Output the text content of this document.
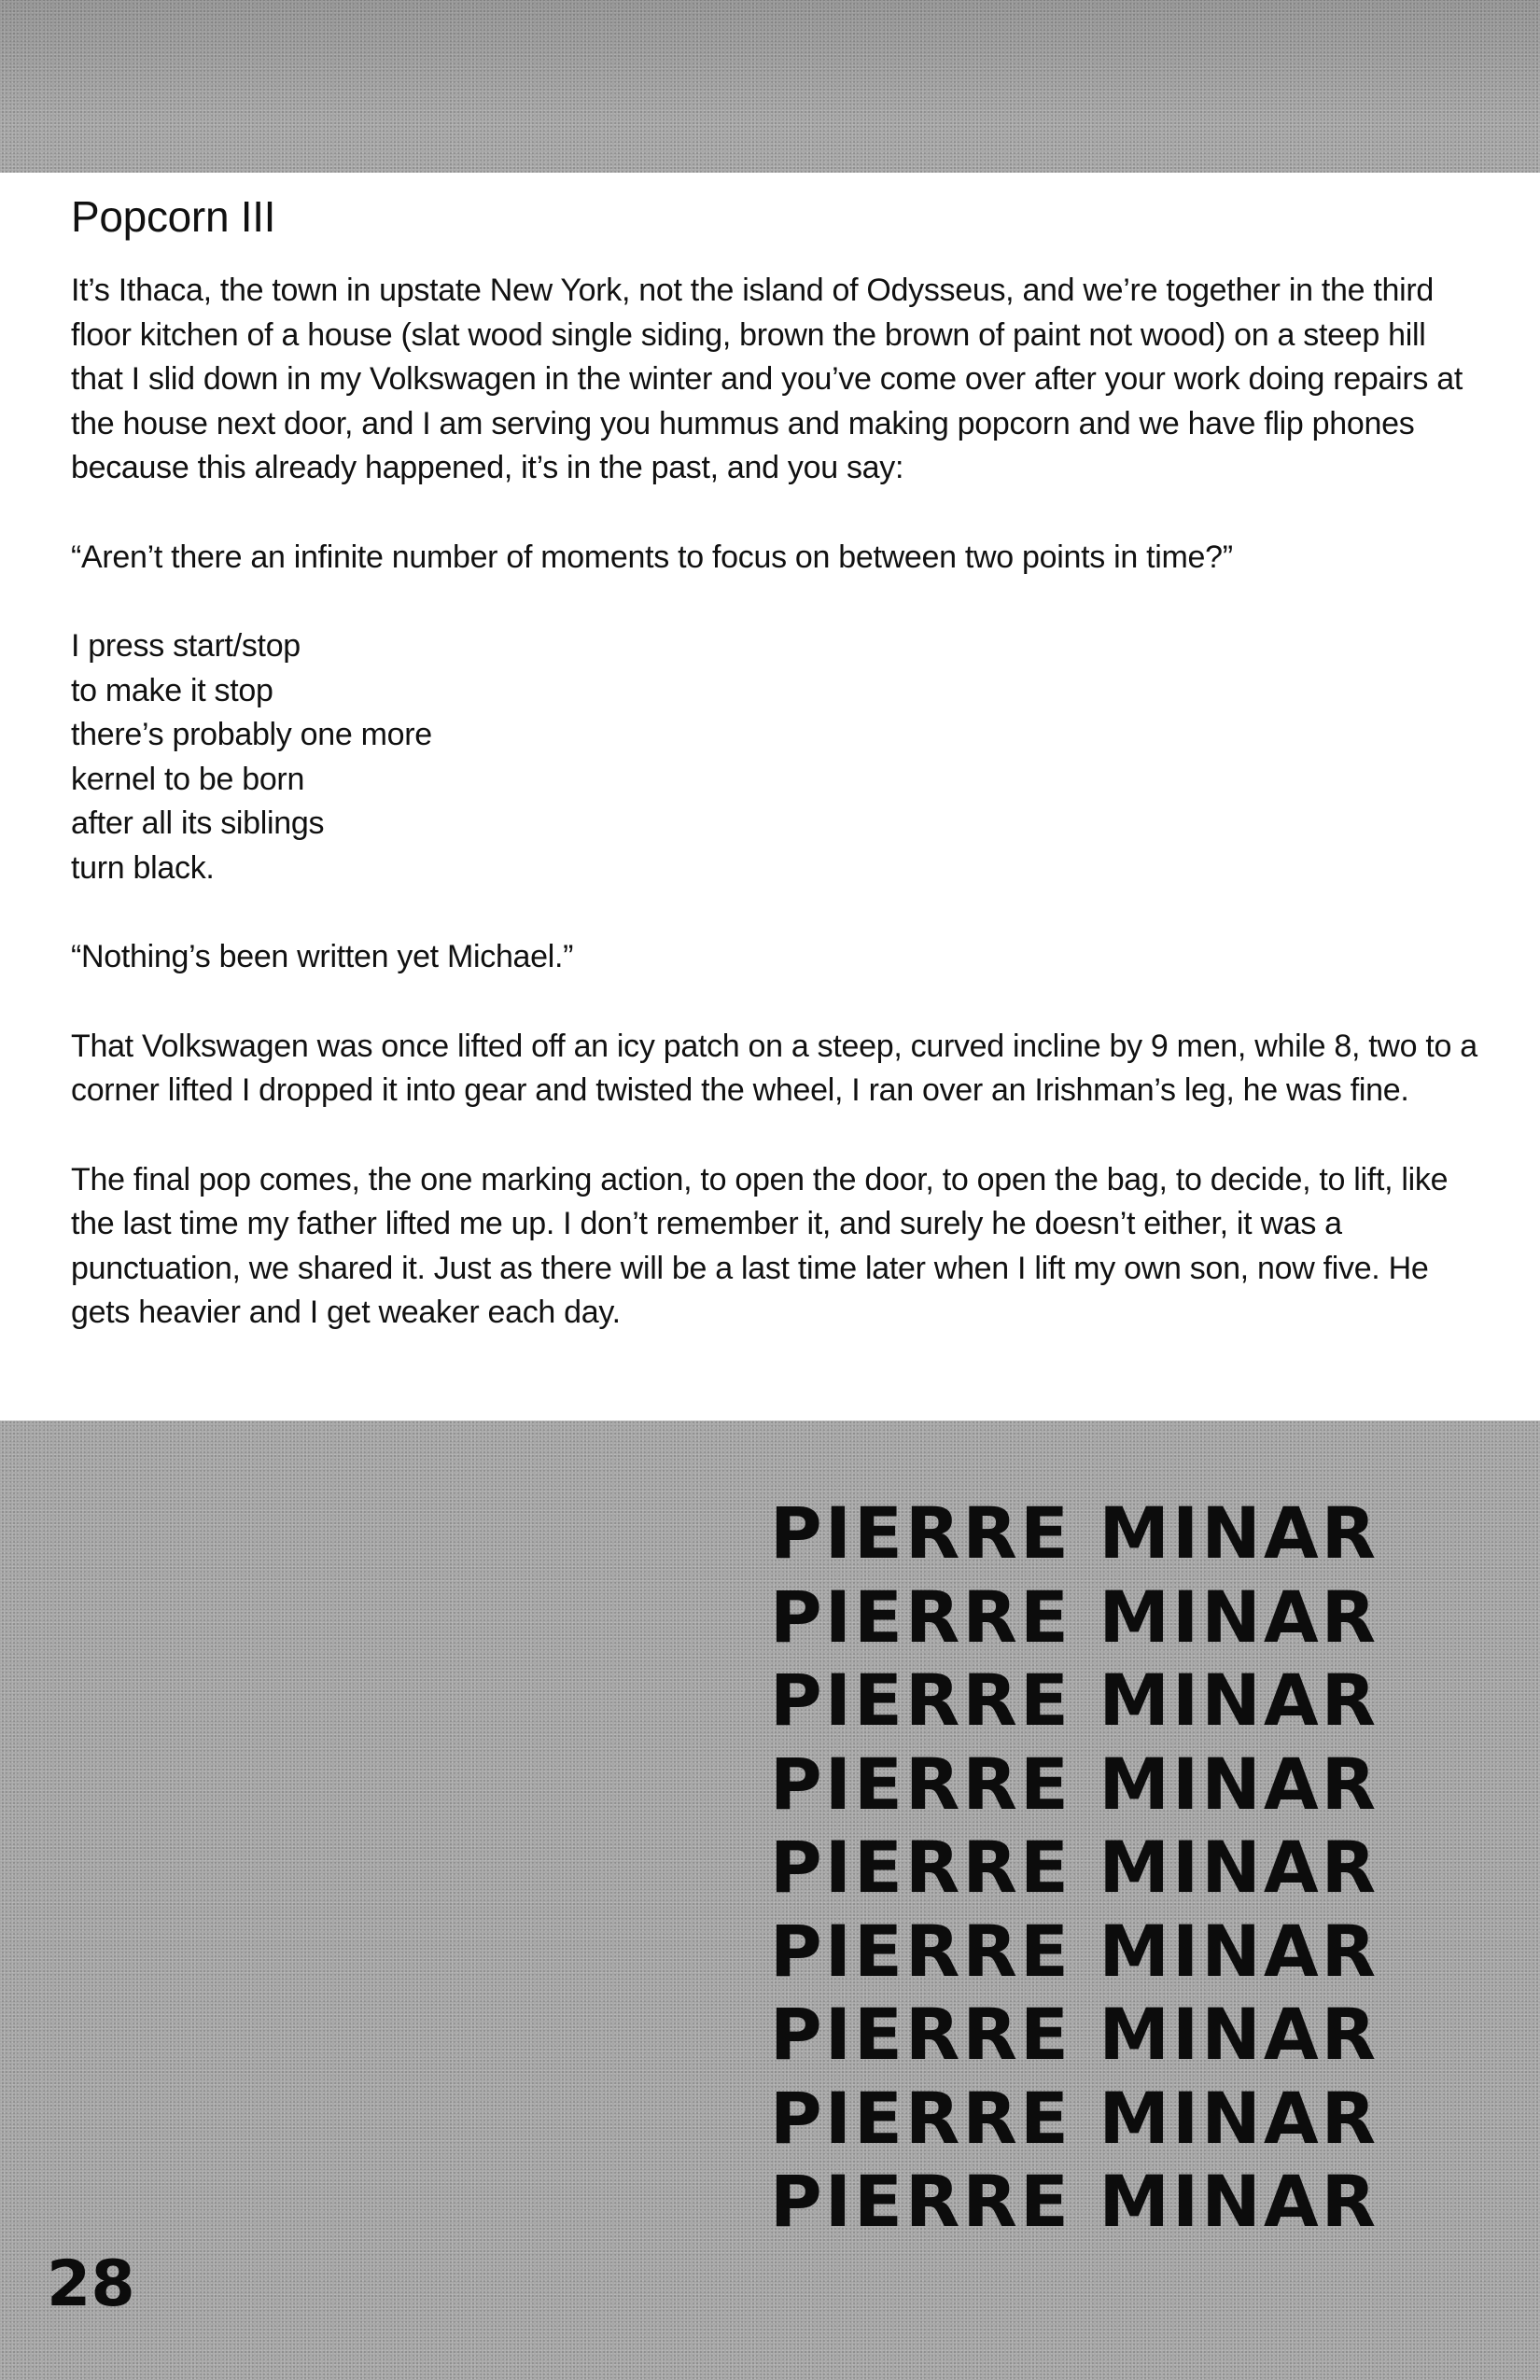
Popcorn III

It’s Ithaca, the town in upstate New York, not the island of Odysseus, and we’re together in the third floor kitchen of a house (slat wood single siding, brown the brown of paint not wood) on a steep hill that I slid down in my Volkswagen in the winter and you’ve come over after your work doing repairs at the house next door, and I am serving you hummus and making popcorn and we have flip phones because this already happened, it’s in the past, and you say:

“Aren’t there an infinite number of moments to focus on between two points in time?”

I press start/stop
to make it stop
there’s probably one more
kernel to be born
after all its siblings
turn black.

“Nothing’s been written yet Michael.”

That Volkswagen was once lifted off an icy patch on a steep, curved incline by 9 men, while 8, two to a corner lifted I dropped it into gear and twisted the wheel, I ran over an Irishman’s leg, he was fine.

The final pop comes, the one marking action, to open the door, to open the bag, to decide, to lift, like the last time my father lifted me up. I don’t remember it, and surely he doesn’t either, it was a punctuation, we shared it. Just as there will be a last time later when I lift my own son, now five. He gets heavier and I get weaker each day.

PIERRE MINAR
PIERRE MINAR
PIERRE MINAR
PIERRE MINAR
PIERRE MINAR
PIERRE MINAR
PIERRE MINAR
PIERRE MINAR
PIERRE MINAR
28
